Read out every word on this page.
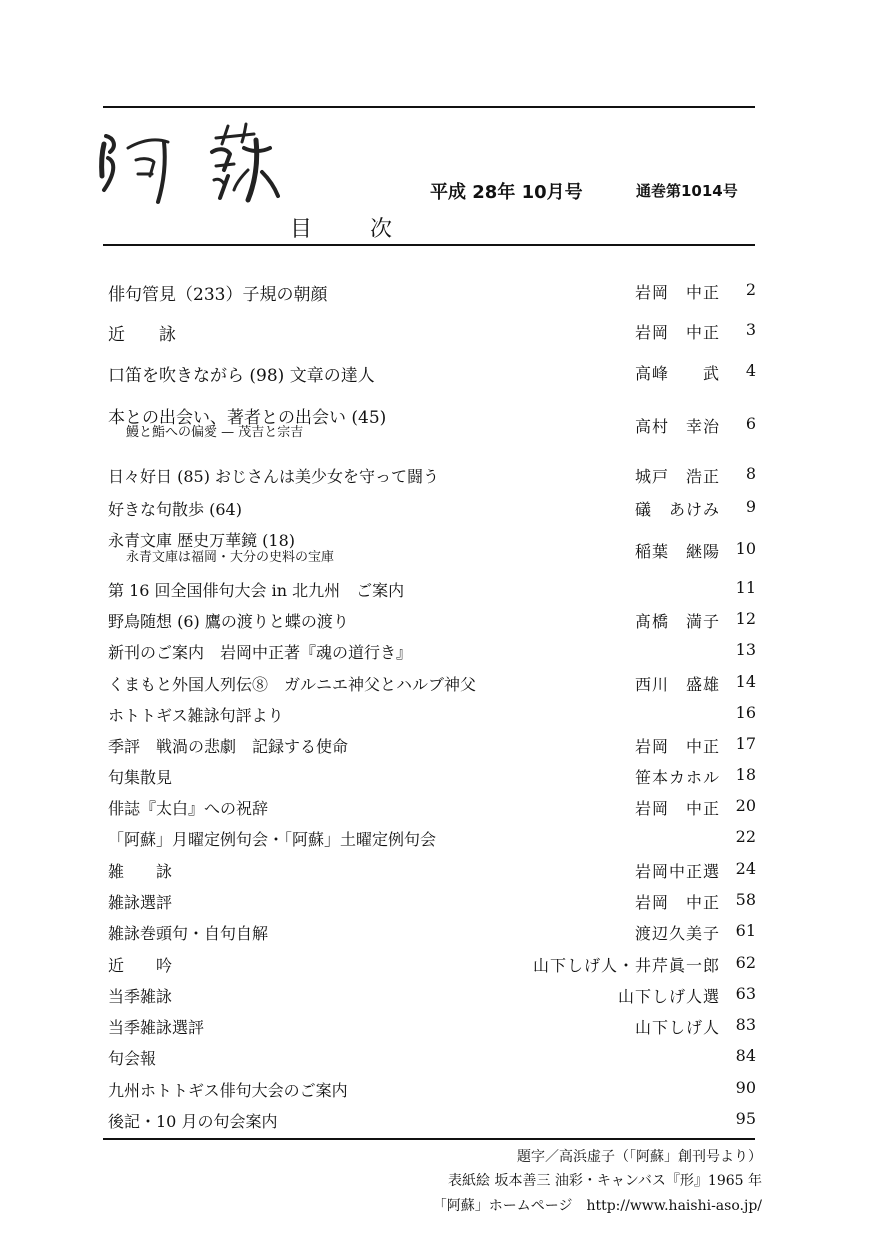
目　次
平成 28年 10月号	通巻第1014号
俳句管見（233）子規の朝顔	岩岡　中正	2
近　　詠	岩岡　中正	3
口笛を吹きながら (98) 文章の達人	高峰　　武	4
本との出会い、著者との出会い (45)
鰻と鮨への偏愛 — 茂吉と宗吉	高村　幸治	6
日々好日 (85) おじさんは美少女を守って闘う	城戸　浩正	8
好きな句散歩 (64)	礒　あけみ	9
永青文庫 歴史万華鏡 (18)
永青文庫は福岡・大分の史料の宝庫	稲葉　継陽 10
第 16 回全国俳句大会 in 北九州　ご案内	11
野鳥随想 (6) 鷹の渡りと蝶の渡り	髙橋　満子 12
新刊のご案内　岩岡中正著『魂の道行き』	13
くまもと外国人列伝⑧　ガルニエ神父とハルブ神父	西川　盛雄 14
ホトトギス雑詠句評より	16
季評　戦渦の悲劇　記録する使命	岩岡　中正 17
句集散見	笹本カホル 18
俳誌『太白』への祝辞	岩岡　中正 20
「阿蘇」月曜定例句会・「阿蘇」土曜定例句会	22
雑　　詠	岩岡中正選 24
雑詠選評	岩岡　中正 58
雑詠巻頭句・自句自解	渡辺久美子 61
近　　吟	山下しげ人・井芹眞一郎 62
当季雑詠	山下しげ人選 63
当季雑詠選評	山下しげ人 83
句会報	84
九州ホトトギス俳句大会のご案内	90
後記・10 月の句会案内	95
題字／高浜虚子（「阿蘇」創刊号より）
表紙絵 坂本善三 油彩・キャンバス『形』1965 年
「阿蘇」ホームページ　http://www.haishi-aso.jp/
